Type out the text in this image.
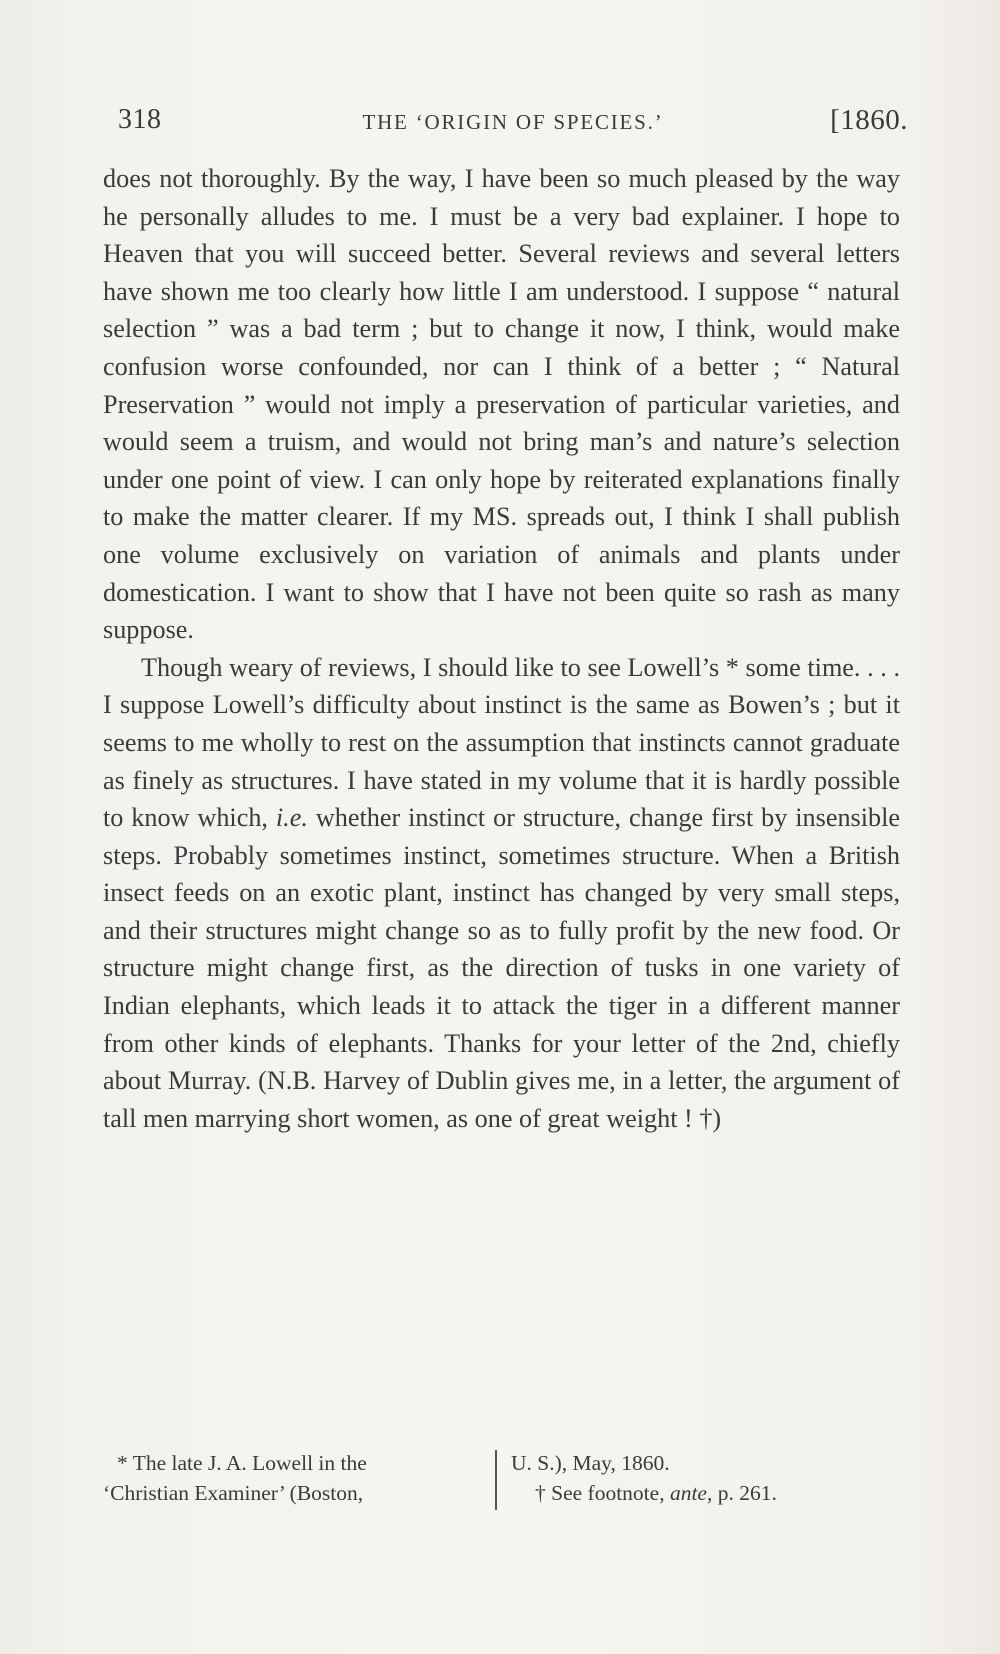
318	THE ‘ORIGIN OF SPECIES.’	[1860.

does not thoroughly. By the way, I have been so much pleased by the way he personally alludes to me. I must be a very bad explainer. I hope to Heaven that you will succeed better. Several reviews and several letters have shown me too clearly how little I am understood. I suppose “ natural selection ” was a bad term ; but to change it now, I think, would make confusion worse confounded, nor can I think of a better ; “ Natural Preservation ” would not imply a preservation of particular varieties, and would seem a truism, and would not bring man’s and nature’s selection under one point of view. I can only hope by reiterated explanations finally to make the matter clearer. If my MS. spreads out, I think I shall publish one volume exclusively on variation of animals and plants under domestication. I want to show that I have not been quite so rash as many suppose.

Though weary of reviews, I should like to see Lowell’s * some time. . . . I suppose Lowell’s difficulty about instinct is the same as Bowen’s ; but it seems to me wholly to rest on the assumption that instincts cannot graduate as finely as structures. I have stated in my volume that it is hardly possible to know which, i.e. whether instinct or structure, change first by insensible steps. Probably sometimes instinct, sometimes structure. When a British insect feeds on an exotic plant, instinct has changed by very small steps, and their structures might change so as to fully profit by the new food. Or structure might change first, as the direction of tusks in one variety of Indian elephants, which leads it to attack the tiger in a different manner from other kinds of elephants. Thanks for your letter of the 2nd, chiefly about Murray. (N.B. Harvey of Dublin gives me, in a letter, the argument of tall men marrying short women, as one of great weight ! †)

* The late J. A. Lowell in the
‘Christian Examiner’ (Boston,
U. S.), May, 1860.
† See footnote, ante, p. 261.
